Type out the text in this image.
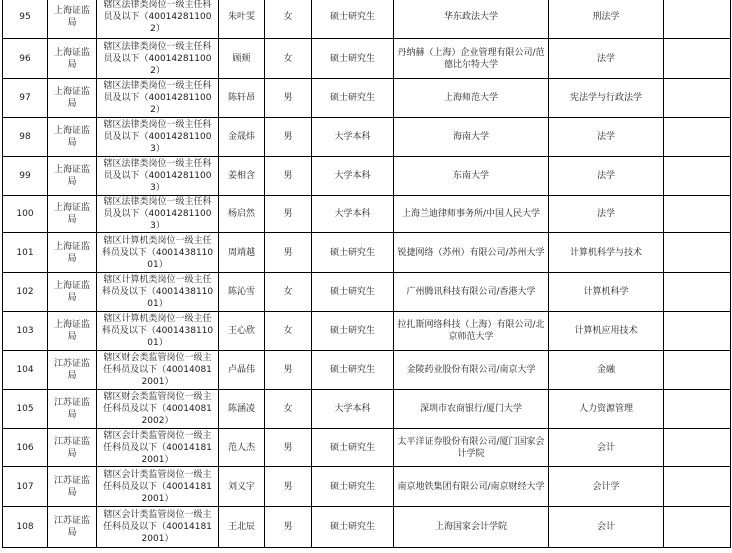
95	上海证监局	辖区法律类岗位一级主任科员及以下（400142811002）	朱叶雯	女	硕士研究生	华东政法大学	刑法学	
96	上海证监局	辖区法律类岗位一级主任科员及以下（400142811002）	顾颊	女	硕士研究生	丹纳赫（上海）企业管理有限公司/范德比尔特大学	法学	
97	上海证监局	辖区法律类岗位一级主任科员及以下（400142811002）	陈轩昂	男	硕士研究生	上海师范大学	宪法学与行政法学	
98	上海证监局	辖区法律类岗位一级主任科员及以下（400142811003）	金晟炜	男	大学本科	海南大学	法学	
99	上海证监局	辖区法律类岗位一级主任科员及以下（400142811003）	姜相含	男	大学本科	东南大学	法学	
100	上海证监局	辖区法律类岗位一级主任科员及以下（400142811003）	杨启然	男	大学本科	上海兰迪律师事务所/中国人民大学	法学	
101	上海证监局	辖区计算机类岗位一级主任科员及以下（400143811001）	周靖越	男	硕士研究生	锐捷网络（苏州）有限公司/苏州大学	计算机科学与技术	
102	上海证监局	辖区计算机类岗位一级主任科员及以下（400143811001）	陈沁雪	女	硕士研究生	广州腾讯科技有限公司/香港大学	计算机科学	
103	上海证监局	辖区计算机类岗位一级主任科员及以下（400143811001）	王心欣	女	硕士研究生	拉扎斯网络科技（上海）有限公司/北京师范大学	计算机应用技术	
104	江苏证监局	辖区财会类监管岗位一级主任科员及以下（400140812001）	卢晶伟	男	硕士研究生	金陵药业股份有限公司/南京大学	金融	
105	江苏证监局	辖区财会类监管岗位一级主任科员及以下（400140812002）	陈涵凌	女	大学本科	深圳市农商银行/厦门大学	人力资源管理	
106	江苏证监局	辖区会计类监管岗位一级主任科员及以下（400141812001）	范人杰	男	硕士研究生	太平洋证券股份有限公司/厦门国家会计学院	会计	
107	江苏证监局	辖区会计类监管岗位一级主任科员及以下（400141812001）	刘义宇	男	硕士研究生	南京地铁集团有限公司/南京财经大学	会计学	
108	江苏证监局	辖区会计类监管岗位一级主任科员及以下（400141812001）	王北辰	男	硕士研究生	上海国家会计学院	会计	
